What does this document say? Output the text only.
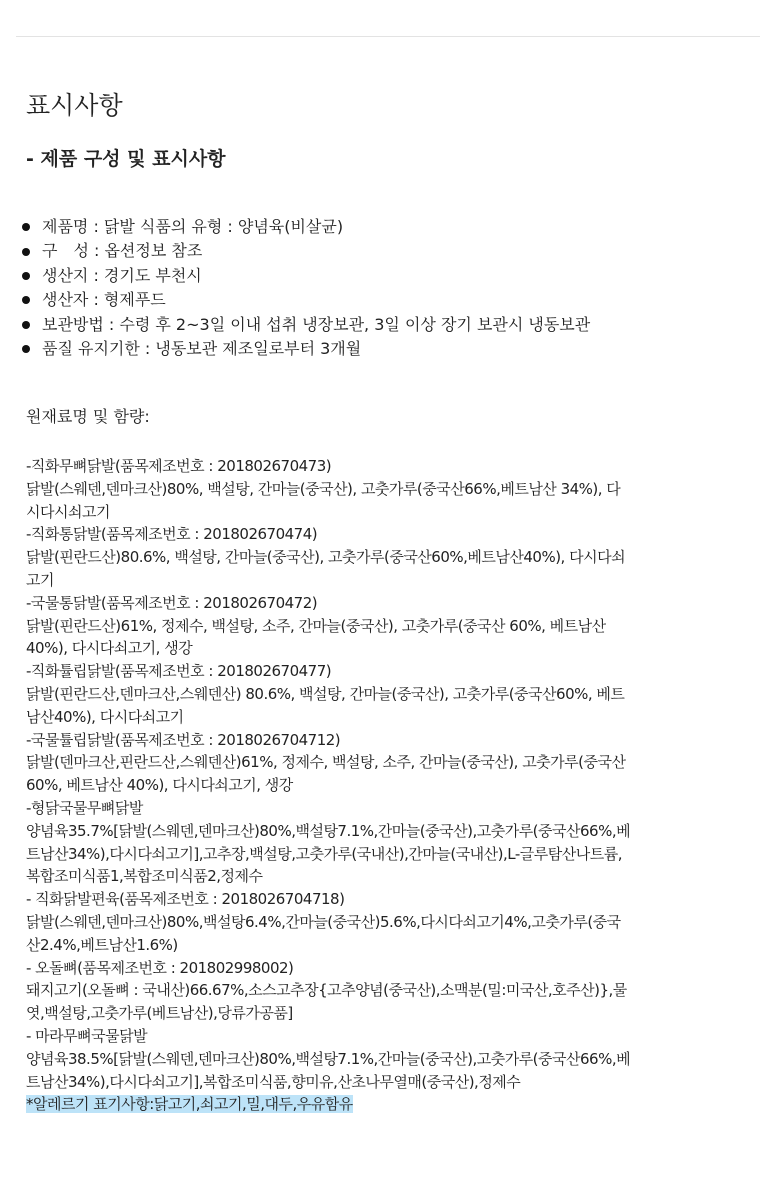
표시사항
- 제품 구성 및 표시사항
제품명 : 닭발 식품의 유형 : 양념육(비살균)
구　성 : 옵션정보 참조
생산지 : 경기도 부천시
생산자 : 형제푸드
보관방법 : 수령 후 2~3일 이내 섭취 냉장보관, 3일 이상 장기 보관시 냉동보관
품질 유지기한 : 냉동보관 제조일로부터 3개월

원재료명 및 함량:

-직화무뼈닭발(품목제조번호 : 201802670473)
닭발(스웨덴,덴마크산)80%, 백설탕, 간마늘(중국산), 고춧가루(중국산66%,베트남산 34%), 다
시다시쇠고기
-직화통닭발(품목제조번호 : 201802670474)
닭발(핀란드산)80.6%, 백설탕, 간마늘(중국산), 고춧가루(중국산60%,베트남산40%), 다시다쇠
고기
-국물통닭발(품목제조번호 : 201802670472)
닭발(핀란드산)61%, 정제수, 백설탕, 소주, 간마늘(중국산), 고춧가루(중국산 60%, 베트남산
40%), 다시다쇠고기, 생강
-직화튤립닭발(품목제조번호 : 201802670477)
닭발(핀란드산,덴마크산,스웨덴산) 80.6%, 백설탕, 간마늘(중국산), 고춧가루(중국산60%, 베트
남산40%), 다시다쇠고기
-국물튤립닭발(품목제조번호 : 2018026704712)
닭발(덴마크산,핀란드산,스웨덴산)61%, 정제수, 백설탕, 소주, 간마늘(중국산), 고춧가루(중국산
60%, 베트남산 40%), 다시다쇠고기, 생강
-형닭국물무뼈닭발
양념육35.7%[닭발(스웨덴,덴마크산)80%,백설탕7.1%,간마늘(중국산),고춧가루(중국산66%,베
트남산34%),다시다쇠고기],고추장,백설탕,고춧가루(국내산),간마늘(국내산),L-글루탐산나트륨,
복합조미식품1,복합조미식품2,정제수
- 직화닭발편육(품목제조번호 : 201802670471​8)
닭발(스웨덴,덴마크산)80%,백설탕6.4%,간마늘(중국산)5.6%,다시다쇠고기4%,고춧가루(중국
산2.4%,베트남산1.6%)
- 오돌뼈(품목제조번호 : 201802998002)
돼지고기(오돌뼈 : 국내산)66.67%,소스고추장{고추양념(중국산),소맥분(밀:미국산,호주산)},물
엿,백설탕,고춧가루(베트남산),당류가공품]
- 마라무뼈국물닭발
양념육38.5%[닭발(스웨덴,덴마크산)80%,백설탕7.1%,간마늘(중국산),고춧가루(중국산66%,베
트남산34%),다시다쇠고기],복합조미식품,향미유,산초나무열매(중국산),정제수
*알레르기 표기사항:닭고기,쇠고기,밀,대두,우유함유
